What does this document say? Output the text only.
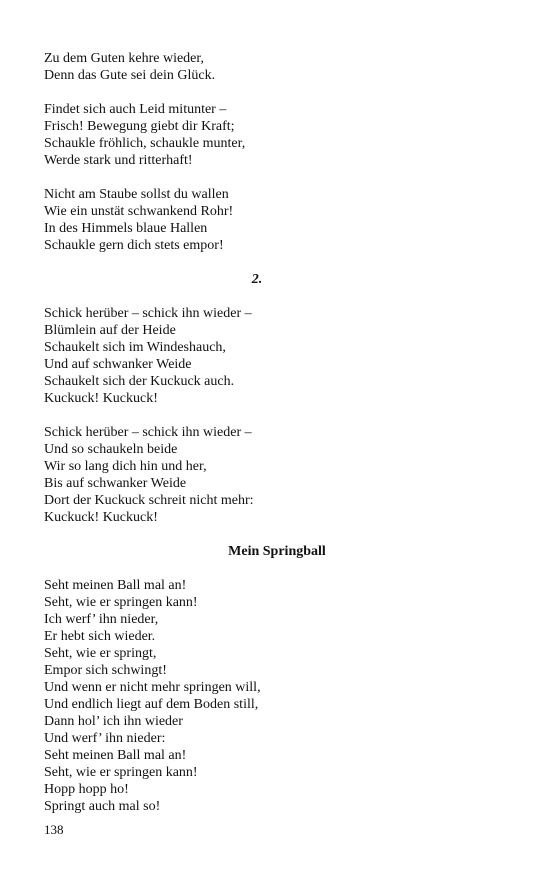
Zu dem Guten kehre wieder,
Denn das Gute sei dein Glück.
Findet sich auch Leid mitunter –
Frisch! Bewegung giebt dir Kraft;
Schaukle fröhlich, schaukle munter,
Werde stark und ritterhaft!
Nicht am Staube sollst du wallen
Wie ein unstät schwankend Rohr!
In des Himmels blaue Hallen
Schaukle gern dich stets empor!
2.
Schick herüber – schick ihn wieder –
Blümlein auf der Heide
Schaukelt sich im Windeshauch,
Und auf schwanker Weide
Schaukelt sich der Kuckuck auch.
Kuckuck! Kuckuck!
Schick herüber – schick ihn wieder –
Und so schaukeln beide
Wir so lang dich hin und her,
Bis auf schwanker Weide
Dort der Kuckuck schreit nicht mehr:
Kuckuck! Kuckuck!
Mein Springball
Seht meinen Ball mal an!
Seht, wie er springen kann!
Ich werf’ ihn nieder,
Er hebt sich wieder.
Seht, wie er springt,
Empor sich schwingt!
Und wenn er nicht mehr springen will,
Und endlich liegt auf dem Boden still,
Dann hol’ ich ihn wieder
Und werf’ ihn nieder:
Seht meinen Ball mal an!
Seht, wie er springen kann!
Hopp hopp ho!
Springt auch mal so!
138
